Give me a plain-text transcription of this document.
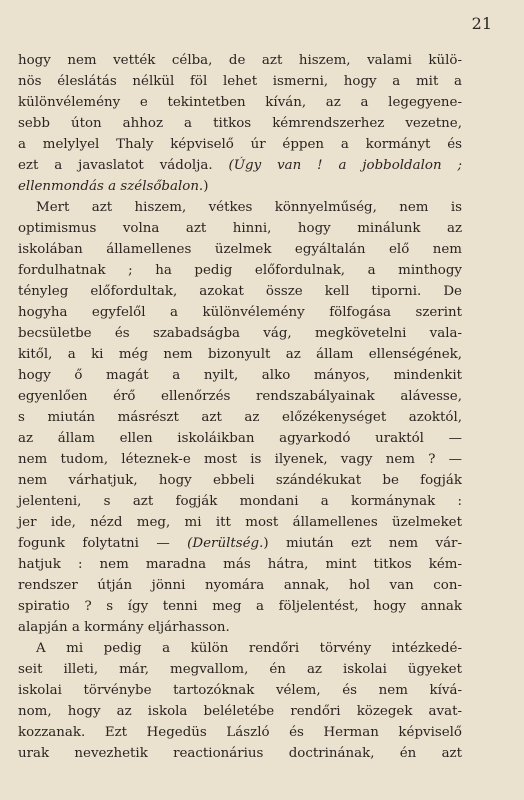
21
hogy nem vették célba, de azt hiszem, valami külö-
nös éleslátás nélkül föl lehet ismerni, hogy a mit a
különvélemény e tekintetben kíván, az a legegyene-
sebb úton ahhoz a titkos kémrendszerhez vezetne,
a melylyel Thaly képviselő úr éppen a kormányt és
ezt a javaslatot vádolja. (Úgy van ! a jobboldalon ;
ellenmondás a szélsőbalon.)
Mert azt hiszem, vétkes könnyelműség, nem is
optimismus volna azt hinni, hogy minálunk az
iskolában államellenes üzelmek egyáltalán elő nem
fordulhatnak ; ha pedig előfordulnak, a minthogy
tényleg előfordultak, azokat össze kell tiporni. De
hogyha egyfelől a különvélemény fölfogása szerint
becsületbe és szabadságba vág, megkövetelni vala-
kitől, a ki még nem bizonyult az állam ellenségének,
hogy ő magát a nyilt, alko mányos, mindenkit
egyenlően érő ellenőrzés rendszabályainak alávesse,
s miután másrészt azt az előzékenységet azoktól,
az állam ellen iskoláikban agyarkodó uraktól —
nem tudom, léteznek-e most is ilyenek, vagy nem ? —
nem várhatjuk, hogy ebbeli szándékukat be fogják
jelenteni, s azt fogják mondani a kormánynak :
jer ide, nézd meg, mi itt most államellenes üzelmeket
fogunk folytatni — (Derültség.) miután ezt nem vár-
hatjuk : nem maradna más hátra, mint titkos kém-
rendszer útján jönni nyomára annak, hol van con-
spiratio ? s így tenni meg a följelentést, hogy annak
alapján a kormány eljárhasson.
A mi pedig a külön rendőri törvény intézkedé-
seit illeti, már, megvallom, én az iskolai ügyeket
iskolai törvénybe tartozóknak vélem, és nem kívá-
nom, hogy az iskola beléletébe rendőri közegek avat-
kozzanak. Ezt Hegedüs László és Herman képviselő
urak nevezhetik reactionárius doctrinának, én azt
